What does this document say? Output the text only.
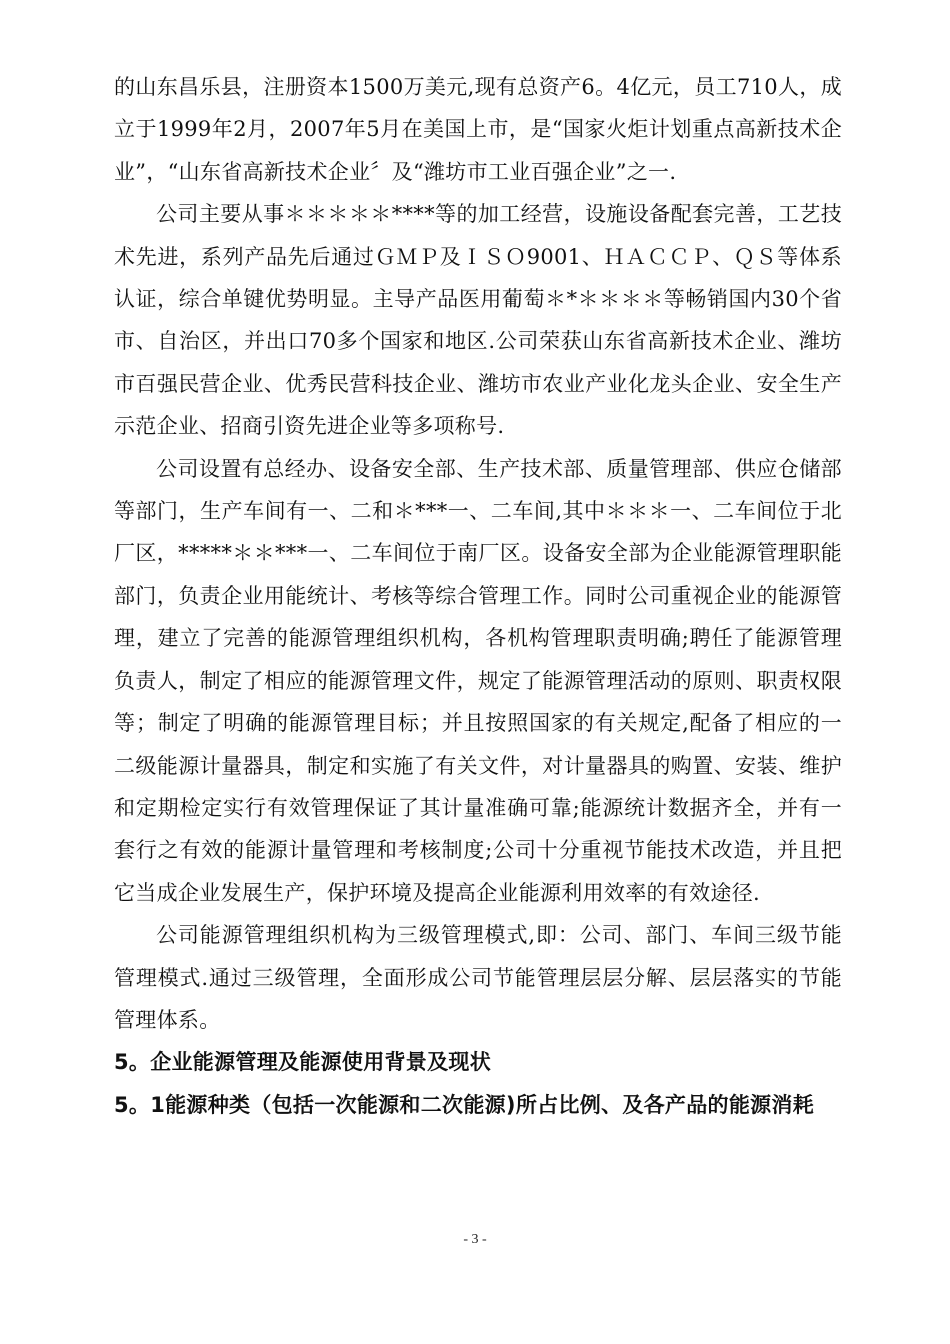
的山东昌乐县，注册资本1500万美元,现有总资产6。4亿元，员工710人，成立于1999年2月，2007年5月在美国上市，是“国家火炬计划重点高新技术企业”，“山东省高新技术企业〞及“潍坊市工业百强企业”之一.

公司主要从事＊＊＊＊＊****等的加工经营，设施设备配套完善，工艺技术先进，系列产品先后通过ＧＭＰ及ＩＳＯ9001、ＨＡＣＣＰ、ＱＳ等体系认证，综合单键优势明显。主导产品医用葡萄＊*＊＊＊＊等畅销国内30个省市、自治区，并出口70多个国家和地区.公司荣获山东省高新技术企业、潍坊市百强民营企业、优秀民营科技企业、潍坊市农业产业化龙头企业、安全生产示范企业、招商引资先进企业等多项称号.

公司设置有总经办、设备安全部、生产技术部、质量管理部、供应仓储部等部门，生产车间有一、二和＊***一、二车间,其中＊＊＊一、二车间位于北厂区，*****＊＊***一、二车间位于南厂区。设备安全部为企业能源管理职能部门，负责企业用能统计、考核等综合管理工作。同时公司重视企业的能源管理，建立了完善的能源管理组织机构，各机构管理职责明确;聘任了能源管理负责人，制定了相应的能源管理文件，规定了能源管理活动的原则、职责权限等；制定了明确的能源管理目标；并且按照国家的有关规定,配备了相应的一二级能源计量器具，制定和实施了有关文件，对计量器具的购置、安装、维护和定期检定实行有效管理保证了其计量准确可靠;能源统计数据齐全，并有一套行之有效的能源计量管理和考核制度;公司十分重视节能技术改造，并且把它当成企业发展生产，保护环境及提高企业能源利用效率的有效途径.

公司能源管理组织机构为三级管理模式,即：公司、部门、车间三级节能管理模式.通过三级管理，全面形成公司节能管理层层分解、层层落实的节能管理体系。

5。企业能源管理及能源使用背景及现状
5。1能源种类（包括一次能源和二次能源)所占比例、及各产品的能源消耗
- 3 -
